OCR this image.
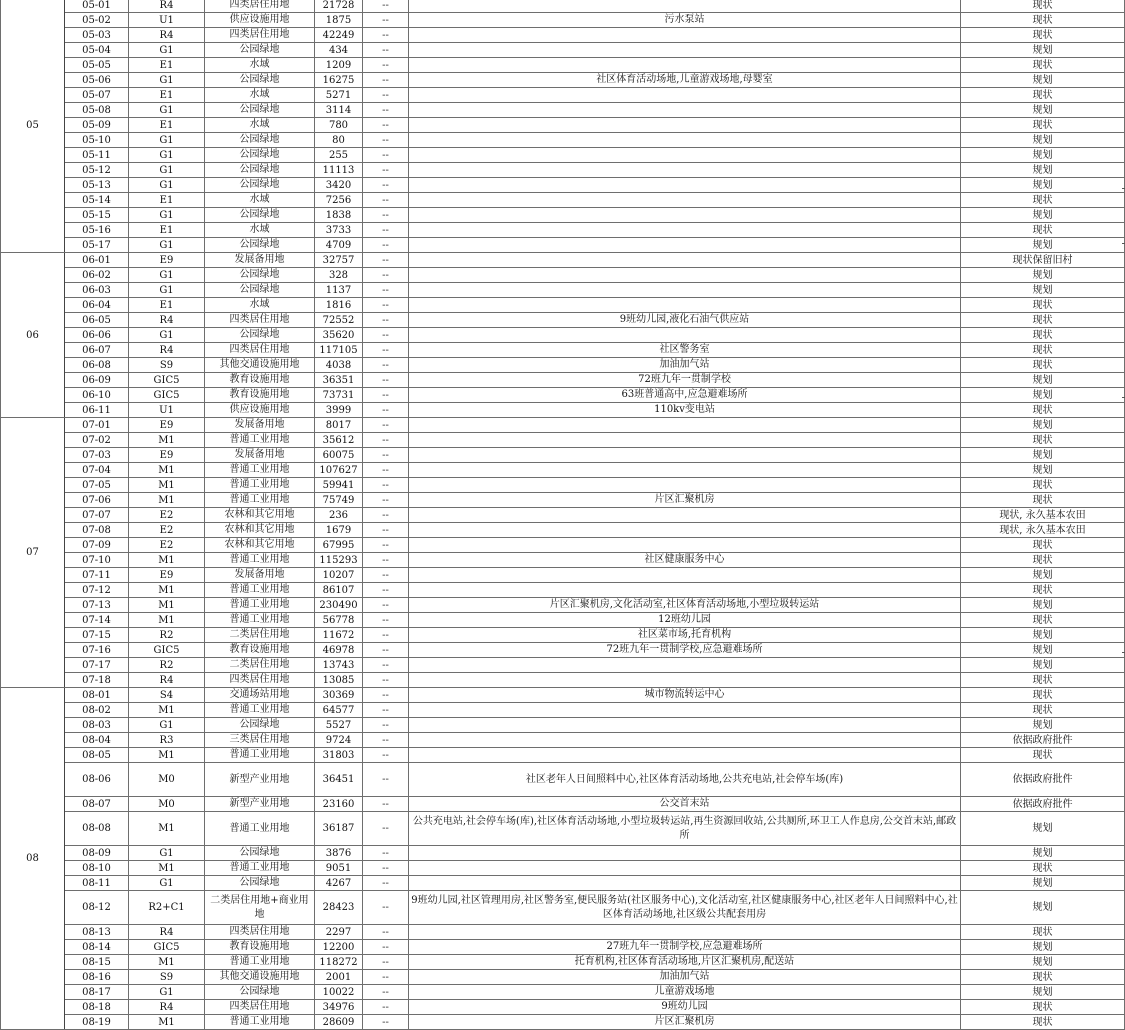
05	05-01	R4	四类居住用地	21728	--		现状
	05-02	U1	供应设施用地	1875	--	污水泵站	现状
	05-03	R4	四类居住用地	42249	--		现状
	05-04	G1	公园绿地	434	--		规划
	05-05	E1	水域	1209	--		现状
	05-06	G1	公园绿地	16275	--	社区体育活动场地,儿童游戏场地,母婴室	规划
	05-07	E1	水域	5271	--		现状
	05-08	G1	公园绿地	3114	--		规划
	05-09	E1	水域	780	--		现状
	05-10	G1	公园绿地	80	--		规划
	05-11	G1	公园绿地	255	--		规划
	05-12	G1	公园绿地	11113	--		规划
	05-13	G1	公园绿地	3420	--		规划
	05-14	E1	水域	7256	--		现状
	05-15	G1	公园绿地	1838	--		规划
	05-16	E1	水域	3733	--		现状
	05-17	G1	公园绿地	4709	--		规划
06	06-01	E9	发展备用地	32757	--		现状保留旧村
	06-02	G1	公园绿地	328	--		规划
	06-03	G1	公园绿地	1137	--		规划
	06-04	E1	水域	1816	--		现状
	06-05	R4	四类居住用地	72552	--	9班幼儿园,液化石油气供应站	现状
	06-06	G1	公园绿地	35620	--		现状
	06-07	R4	四类居住用地	117105	--	社区警务室	现状
	06-08	S9	其他交通设施用地	4038	--	加油加气站	现状
	06-09	GIC5	教育设施用地	36351	--	72班九年一贯制学校	规划
	06-10	GIC5	教育设施用地	73731	--	63班普通高中,应急避难场所	规划
	06-11	U1	供应设施用地	3999	--	110kv变电站	现状
07	07-01	E9	发展备用地	8017	--		规划
	07-02	M1	普通工业用地	35612	--		现状
	07-03	E9	发展备用地	60075	--		规划
	07-04	M1	普通工业用地	107627	--		规划
	07-05	M1	普通工业用地	59941	--		现状
	07-06	M1	普通工业用地	75749	--	片区汇聚机房	现状
	07-07	E2	农林和其它用地	236	--		现状, 永久基本农田
	07-08	E2	农林和其它用地	1679	--		现状, 永久基本农田
	07-09	E2	农林和其它用地	67995	--		现状
	07-10	M1	普通工业用地	115293	--	社区健康服务中心	现状
	07-11	E9	发展备用地	10207	--		规划
	07-12	M1	普通工业用地	86107	--		现状
	07-13	M1	普通工业用地	230490	--	片区汇聚机房,文化活动室,社区体育活动场地,小型垃圾转运站	规划
	07-14	M1	普通工业用地	56778	--	12班幼儿园	现状
	07-15	R2	二类居住用地	11672	--	社区菜市场,托育机构	规划
	07-16	GIC5	教育设施用地	46978	--	72班九年一贯制学校,应急避难场所	规划
	07-17	R2	二类居住用地	13743	--		规划
	07-18	R4	四类居住用地	13085	--		现状
08	08-01	S4	交通场站用地	30369	--	城市物流转运中心	现状
	08-02	M1	普通工业用地	64577	--		现状
	08-03	G1	公园绿地	5527	--		规划
	08-04	R3	三类居住用地	9724	--		依据政府批件
	08-05	M1	普通工业用地	31803	--		现状
	08-06	M0	新型产业用地	36451	--	社区老年人日间照料中心,社区体育活动场地,公共充电站,社会停车场(库)	依据政府批件
	08-07	M0	新型产业用地	23160	--	公交首末站	依据政府批件
	08-08	M1	普通工业用地	36187	--	公共充电站,社会停车场(库),社区体育活动场地,小型垃圾转运站,再生资源回收站,公共厕所,环卫工人作息房,公交首末站,邮政所	规划
	08-09	G1	公园绿地	3876	--		规划
	08-10	M1	普通工业用地	9051	--		现状
	08-11	G1	公园绿地	4267	--		规划
	08-12	R2+C1	二类居住用地+商业用地	28423	--	9班幼儿园,社区管理用房,社区警务室,便民服务站(社区服务中心),文化活动室,社区健康服务中心,社区老年人日间照料中心,社区体育活动场地,社区级公共配套用房	规划
	08-13	R4	四类居住用地	2297	--		现状
	08-14	GIC5	教育设施用地	12200	--	27班九年一贯制学校,应急避难场所	规划
	08-15	M1	普通工业用地	118272	--	托育机构,社区体育活动场地,片区汇聚机房,配送站	规划
	08-16	S9	其他交通设施用地	2001	--	加油加气站	现状
	08-17	G1	公园绿地	10022	--	儿童游戏场地	规划
	08-18	R4	四类居住用地	34976	--	9班幼儿园	现状
	08-19	M1	普通工业用地	28609	--	片区汇聚机房	现状
